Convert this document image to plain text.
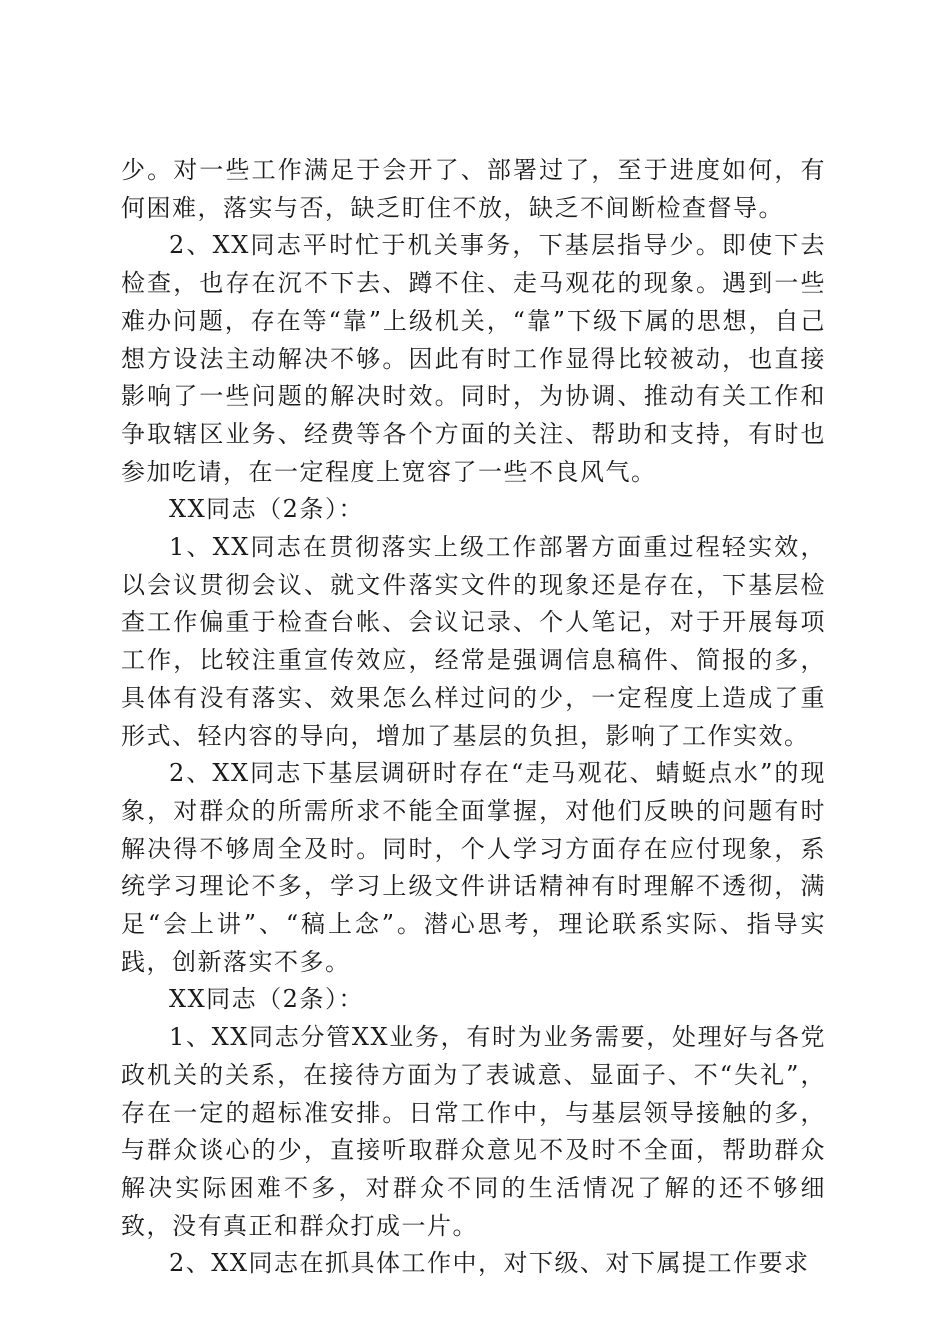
少。对一些工作满足于会开了、部署过了，至于进度如何，有何困难，落实与否，缺乏盯住不放，缺乏不间断检查督导。

2、XX同志平时忙于机关事务，下基层指导少。即使下去检查，也存在沉不下去、蹲不住、走马观花的现象。遇到一些难办问题，存在等“靠”上级机关，“靠”下级下属的思想，自己想方设法主动解决不够。因此有时工作显得比较被动，也直接影响了一些问题的解决时效。同时，为协调、推动有关工作和争取辖区业务、经费等各个方面的关注、帮助和支持，有时也参加吃请，在一定程度上宽容了一些不良风气。

XX同志（2条）：

1、XX同志在贯彻落实上级工作部署方面重过程轻实效，以会议贯彻会议、就文件落实文件的现象还是存在，下基层检查工作偏重于检查台帐、会议记录、个人笔记，对于开展每项工作，比较注重宣传效应，经常是强调信息稿件、简报的多，具体有没有落实、效果怎么样过问的少，一定程度上造成了重形式、轻内容的导向，增加了基层的负担，影响了工作实效。

2、XX同志下基层调研时存在“走马观花、蜻蜓点水”的现象，对群众的所需所求不能全面掌握，对他们反映的问题有时解决得不够周全及时。同时，个人学习方面存在应付现象，系统学习理论不多，学习上级文件讲话精神有时理解不透彻，满足“会上讲”、“稿上念”。潜心思考，理论联系实际、指导实践，创新落实不多。

XX同志（2条）：

1、XX同志分管XX业务，有时为业务需要，处理好与各党政机关的关系，在接待方面为了表诚意、显面子、不“失礼”，存在一定的超标准安排。日常工作中，与基层领导接触的多，与群众谈心的少，直接听取群众意见不及时不全面，帮助群众解决实际困难不多，对群众不同的生活情况了解的还不够细致，没有真正和群众打成一片。

2、XX同志在抓具体工作中，对下级、对下属提工作要求
